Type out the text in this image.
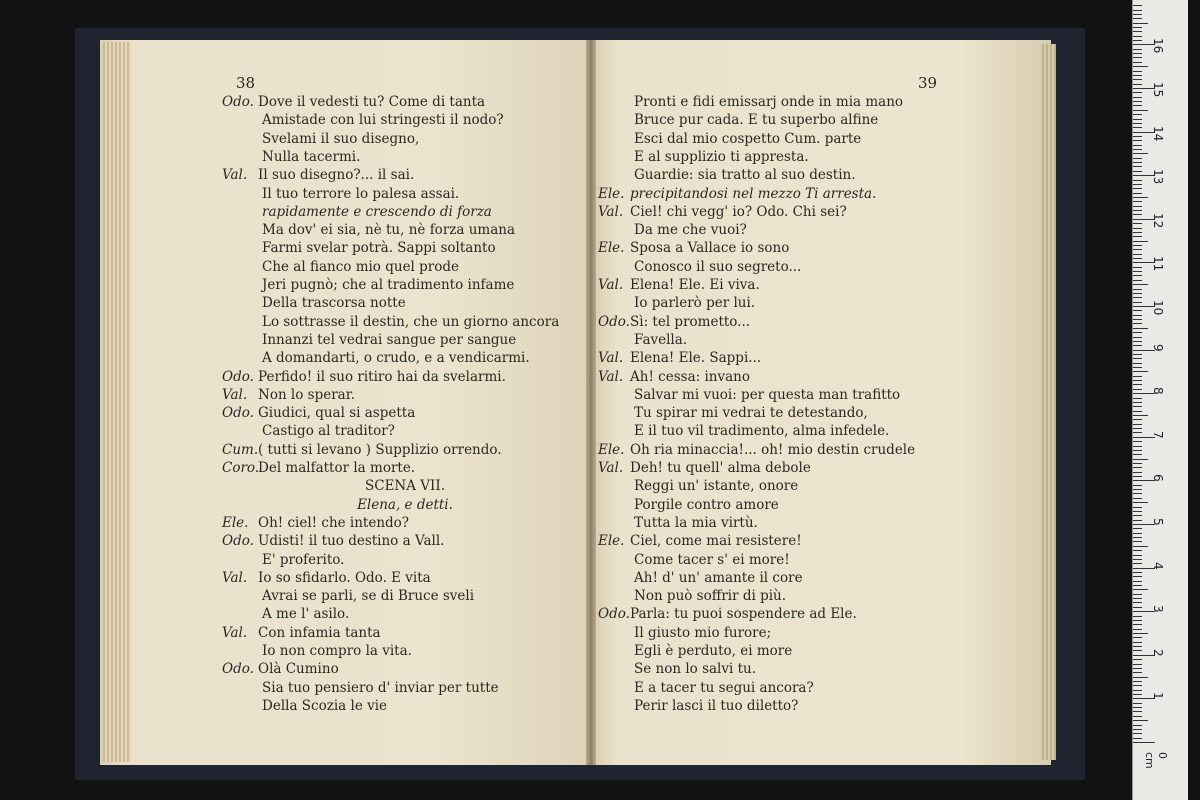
38	39
Odo. Dove il vedesti tu? Come di tanta
Amistade con lui stringesti il nodo?
Svelami il suo disegno,
Nulla tacermi.
Val. Il suo disegno?... il sai.
Il tuo terrore lo palesa assai.
rapidamente e crescendo di forza
Ma dov' ei sia, nè tu, nè forza umana
Farmi svelar potrà. Sappi soltanto
Che al fianco mio quel prode
Jeri pugnò; che al tradimento infame
Della trascorsa notte
Lo sottrasse il destin, che un giorno ancora
Innanzi tel vedrai sangue per sangue
A domandarti, o crudo, e a vendicarmi.
Odo. Perfido! il suo ritiro hai da svelarmi.
Val. Non lo sperar.
Odo. Giudici, qual si aspetta
Castigo al traditor?
Cum. ( tutti si levano ) Supplizio orrendo.
Coro.
Del malfattor la morte.
SCENA VII.
Elena, e detti.
Ele. Oh! ciel! che intendo?
Odo. Udisti! il tuo destino a Vall.
E' proferito.
Val. Io so sfidarlo. Odo. E vita
Avrai se parli, se di Bruce sveli
A me l' asilo.
Val. Con infamia tanta
Io non compro la vita.
Odo. Olà Cumino
Sia tuo pensiero d' inviar per tutte
Della Scozia le vie
Pronti e fidi emissarj onde in mia mano
Bruce pur cada. E tu superbo alfine
Esci dal mio cospetto Cum. parte
E al supplizio ti appresta.
Guardie: sia tratto al suo destin.
Ele. precipitandosi nel mezzo Ti arresta.
Val. Ciel! chi vegg' io? Odo. Chi sei?
Da me che vuoi?
Ele. Sposa a Vallace io sono
Conosco il suo segreto...
Val. Elena! Ele. Ei viva.
Io parlerò per lui.
Odo. Sì: tel prometto...
Favella.
Val. Elena! Ele. Sappi...
Val. Ah! cessa: invano
Salvar mi vuoi: per questa man trafitto
Tu spirar mi vedrai te detestando,
E il tuo vil tradimento, alma infedele.
Ele. Oh ria minaccia!... oh! mio destin crudele
Val. Deh! tu quell' alma debole
Reggi un' istante, onore
Porgile contro amore
Tutta la mia virtù.
Ele. Ciel, come mai resistere!
Come tacer s' ei more!
Ah! d' un' amante il core
Non può soffrir di più.
Odo. Parla: tu puoi sospendere ad Ele.
Il giusto mio furore;
Egli è perduto, ei more
Se non lo salvi tu.
E a tacer tu segui ancora?
Perir lasci il tuo diletto?
1
2
3
4
5
6
7
8
9
10
11
12
13
14
15
16
0 cm
